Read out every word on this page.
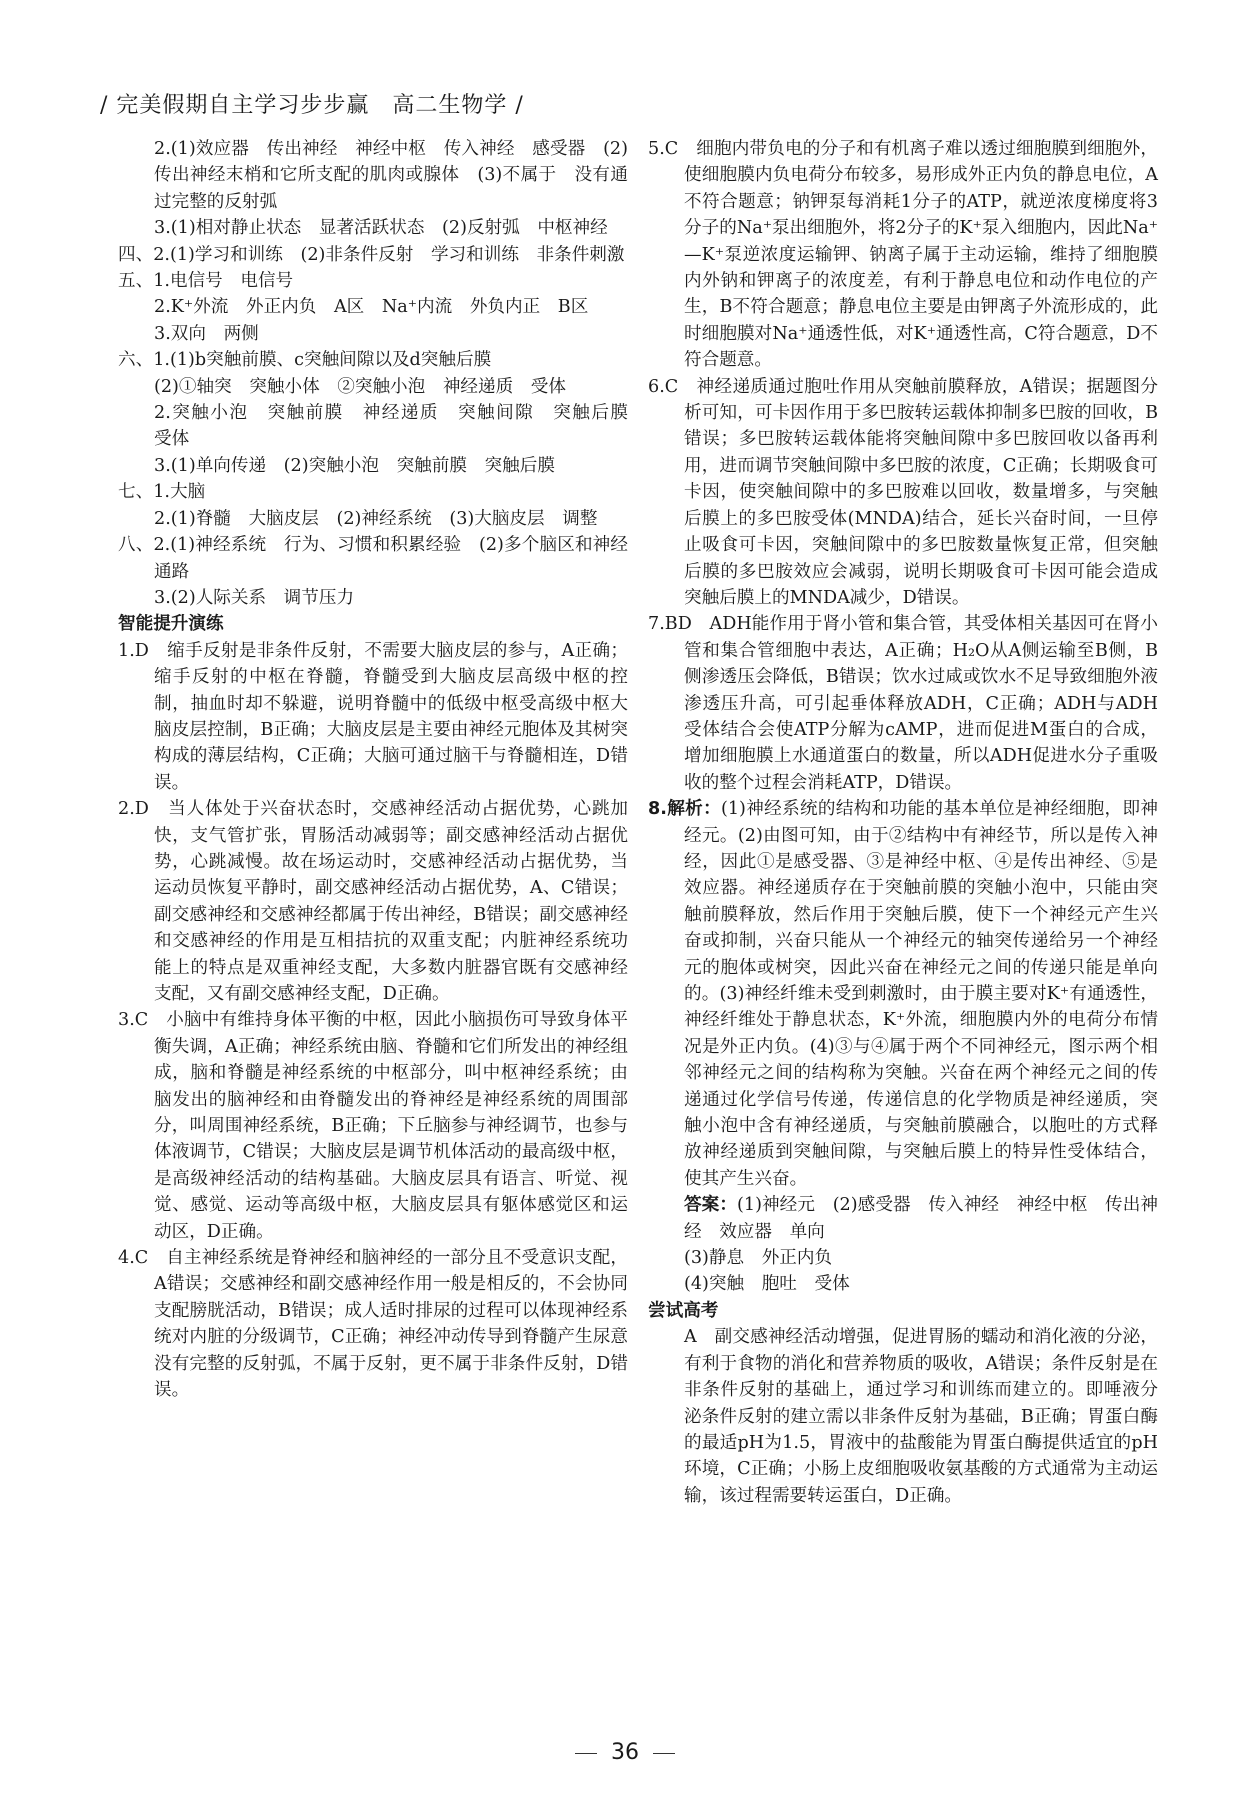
/ 完美假期自主学习步步赢　高二生物学 /

2.(1)效应器　传出神经　神经中枢　传入神经　感受器　(2)传出神经末梢和它所支配的肌肉或腺体　(3)不属于　没有通过完整的反射弧

3.(1)相对静止状态　显著活跃状态　(2)反射弧　中枢神经

四、2.(1)学习和训练　(2)非条件反射　学习和训练　非条件刺激

五、1.电信号　电信号

2.K⁺外流　外正内负　A区　Na⁺内流　外负内正　B区

3.双向　两侧

六、1.(1)b突触前膜、c突触间隙以及d突触后膜

(2)①轴突　突触小体　②突触小泡　神经递质　受体

2.突触小泡　突触前膜　神经递质　突触间隙　突触后膜　受体

3.(1)单向传递　(2)突触小泡　突触前膜　突触后膜

七、1.大脑

2.(1)脊髓　大脑皮层　(2)神经系统　(3)大脑皮层　调整

八、2.(1)神经系统　行为、习惯和积累经验　(2)多个脑区和神经通路

3.(2)人际关系　调节压力

智能提升演练

1.D　缩手反射是非条件反射，不需要大脑皮层的参与，A正确；缩手反射的中枢在脊髓，脊髓受到大脑皮层高级中枢的控制，抽血时却不躲避，说明脊髓中的低级中枢受高级中枢大脑皮层控制，B正确；大脑皮层是主要由神经元胞体及其树突构成的薄层结构，C正确；大脑可通过脑干与脊髓相连，D错误。

2.D　当人体处于兴奋状态时，交感神经活动占据优势，心跳加快，支气管扩张，胃肠活动减弱等；副交感神经活动占据优势，心跳减慢。故在场运动时，交感神经活动占据优势，当运动员恢复平静时，副交感神经活动占据优势，A、C错误；副交感神经和交感神经都属于传出神经，B错误；副交感神经和交感神经的作用是互相拮抗的双重支配；内脏神经系统功能上的特点是双重神经支配，大多数内脏器官既有交感神经支配，又有副交感神经支配，D正确。

3.C　小脑中有维持身体平衡的中枢，因此小脑损伤可导致身体平衡失调，A正确；神经系统由脑、脊髓和它们所发出的神经组成，脑和脊髓是神经系统的中枢部分，叫中枢神经系统；由脑发出的脑神经和由脊髓发出的脊神经是神经系统的周围部分，叫周围神经系统，B正确；下丘脑参与神经调节，也参与体液调节，C错误；大脑皮层是调节机体活动的最高级中枢，是高级神经活动的结构基础。大脑皮层具有语言、听觉、视觉、感觉、运动等高级中枢，大脑皮层具有躯体感觉区和运动区，D正确。

4.C　自主神经系统是脊神经和脑神经的一部分且不受意识支配，A错误；交感神经和副交感神经作用一般是相反的，不会协同支配膀胱活动，B错误；成人适时排尿的过程可以体现神经系统对内脏的分级调节，C正确；神经冲动传导到脊髓产生尿意没有完整的反射弧，不属于反射，更不属于非条件反射，D错误。

5.C　细胞内带负电的分子和有机离子难以透过细胞膜到细胞外，使细胞膜内负电荷分布较多，易形成外正内负的静息电位，A不符合题意；钠钾泵每消耗1分子的ATP，就逆浓度梯度将3分子的Na⁺泵出细胞外，将2分子的K⁺泵入细胞内，因此Na⁺—K⁺泵逆浓度运输钾、钠离子属于主动运输，维持了细胞膜内外钠和钾离子的浓度差，有利于静息电位和动作电位的产生，B不符合题意；静息电位主要是由钾离子外流形成的，此时细胞膜对Na⁺通透性低，对K⁺通透性高，C符合题意，D不符合题意。

6.C　神经递质通过胞吐作用从突触前膜释放，A错误；据题图分析可知，可卡因作用于多巴胺转运载体抑制多巴胺的回收，B错误；多巴胺转运载体能将突触间隙中多巴胺回收以备再利用，进而调节突触间隙中多巴胺的浓度，C正确；长期吸食可卡因，使突触间隙中的多巴胺难以回收，数量增多，与突触后膜上的多巴胺受体(MNDA)结合，延长兴奋时间，一旦停止吸食可卡因，突触间隙中的多巴胺数量恢复正常，但突触后膜的多巴胺效应会减弱，说明长期吸食可卡因可能会造成突触后膜上的MNDA减少，D错误。

7.BD　ADH能作用于肾小管和集合管，其受体相关基因可在肾小管和集合管细胞中表达，A正确；H₂O从A侧运输至B侧，B侧渗透压会降低，B错误；饮水过咸或饮水不足导致细胞外液渗透压升高，可引起垂体释放ADH，C正确；ADH与ADH受体结合会使ATP分解为cAMP，进而促进M蛋白的合成，增加细胞膜上水通道蛋白的数量，所以ADH促进水分子重吸收的整个过程会消耗ATP，D错误。

8.解析：(1)神经系统的结构和功能的基本单位是神经细胞，即神经元。(2)由图可知，由于②结构中有神经节，所以是传入神经，因此①是感受器、③是神经中枢、④是传出神经、⑤是效应器。神经递质存在于突触前膜的突触小泡中，只能由突触前膜释放，然后作用于突触后膜，使下一个神经元产生兴奋或抑制，兴奋只能从一个神经元的轴突传递给另一个神经元的胞体或树突，因此兴奋在神经元之间的传递只能是单向的。(3)神经纤维未受到刺激时，由于膜主要对K⁺有通透性，神经纤维处于静息状态，K⁺外流，细胞膜内外的电荷分布情况是外正内负。(4)③与④属于两个不同神经元，图示两个相邻神经元之间的结构称为突触。兴奋在两个神经元之间的传递通过化学信号传递，传递信息的化学物质是神经递质，突触小泡中含有神经递质，与突触前膜融合，以胞吐的方式释放神经递质到突触间隙，与突触后膜上的特异性受体结合，使其产生兴奋。

答案：(1)神经元　(2)感受器　传入神经　神经中枢　传出神经　效应器　单向

(3)静息　外正内负

(4)突触　胞吐　受体

尝试高考

A　副交感神经活动增强，促进胃肠的蠕动和消化液的分泌，有利于食物的消化和营养物质的吸收，A错误；条件反射是在非条件反射的基础上，通过学习和训练而建立的。即唾液分泌条件反射的建立需以非条件反射为基础，B正确；胃蛋白酶的最适pH为1.5，胃液中的盐酸能为胃蛋白酶提供适宜的pH环境，C正确；小肠上皮细胞吸收氨基酸的方式通常为主动运输，该过程需要转运蛋白，D正确。

36
